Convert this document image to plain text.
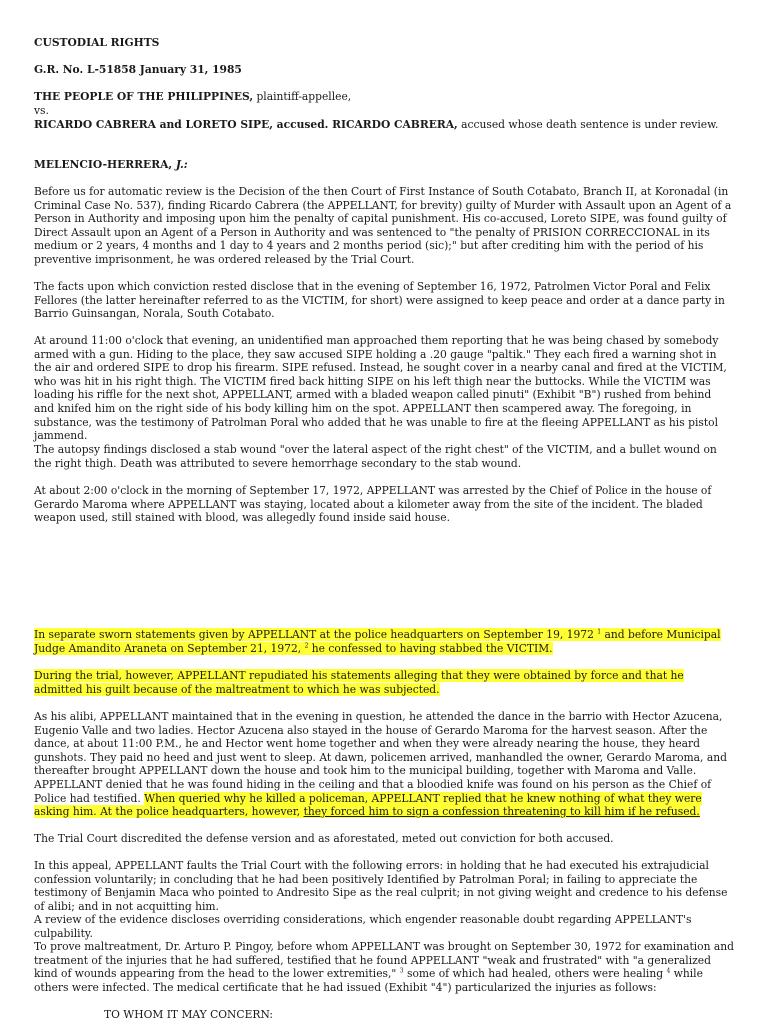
CUSTODIAL RIGHTS

G.R. No. L-51858 January 31, 1985

THE PEOPLE OF THE PHILIPPINES, plaintiff-appellee,

vs.

RICARDO CABRERA and LORETO SIPE, accused. RICARDO CABRERA, accused whose death sentence is under review.

MELENCIO-HERRERA, J.:

Before us for automatic review is the Decision of the then Court of First Instance of South Cotabato, Branch II, at Koronadal (in Criminal Case No. 537), finding Ricardo Cabrera (the APPELLANT, for brevity) guilty of Murder with Assault upon an Agent of a Person in Authority and imposing upon him the penalty of capital punishment. His co-accused, Loreto SIPE, was found guilty of Direct Assault upon an Agent of a Person in Authority and was sentenced to "the penalty of PRISION CORRECCIONAL in its medium or 2 years, 4 months and 1 day to 4 years and 2 months period (sic);" but after crediting him with the period of his preventive imprisonment, he was ordered released by the Trial Court.

The facts upon which conviction rested disclose that in the evening of September 16, 1972, Patrolmen Victor Poral and Felix Fellores (the latter hereinafter referred to as the VICTIM, for short) were assigned to keep peace and order at a dance party in Barrio Guinsangan, Norala, South Cotabato.

At around 11:00 o'clock that evening, an unidentified man approached them reporting that he was being chased by somebody armed with a gun. Hiding to the place, they saw accused SIPE holding a .20 gauge "paltik." They each fired a warning shot in the air and ordered SIPE to drop his firearm. SIPE refused. Instead, he sought cover in a nearby canal and fired at the VICTIM, who was hit in his right thigh. The VICTIM fired back hitting SIPE on his left thigh near the buttocks. While the VICTIM was loading his riffle for the next shot, APPELLANT, armed with a bladed weapon called pinuti" (Exhibit "B") rushed from behind and knifed him on the right side of his body killing him on the spot. APPELLANT then scampered away. The foregoing, in substance, was the testimony of Patrolman Poral who added that he was unable to fire at the fleeing APPELLANT as his pistol jammend.

The autopsy findings disclosed a stab wound "over the lateral aspect of the right chest" of the VICTIM, and a bullet wound on the right thigh. Death was attributed to severe hemorrhage secondary to the stab wound.

At about 2:00 o'clock in the morning of September 17, 1972, APPELLANT was arrested by the Chief of Police in the house of Gerardo Maroma where APPELLANT was staying, located about a kilometer away from the site of the incident. The bladed weapon used, still stained with blood, was allegedly found inside said house.

In separate sworn statements given by APPELLANT at the police headquarters on September 19, 1972 $^1$ and before Municipal Judge Amandito Araneta on September 21, 1972, $^2$ he confessed to having stabbed the VICTIM.

During the trial, however, APPELLANT repudiated his statements alleging that they were obtained by force and that he admitted his guilt because of the maltreatment to which he was subjected.

As his alibi, APPELLANT maintained that in the evening in question, he attended the dance in the barrio with Hector Azucena, Eugenio Valle and two ladies. Hector Azucena also stayed in the house of Gerardo Maroma for the harvest season. After the dance, at about 11:00 P.M., he and Hector went home together and when they were already nearing the house, they heard gunshots. They paid no heed and just went to sleep. At dawn, policemen arrived, manhandled the owner, Gerardo Maroma, and thereafter brought APPELLANT down the house and took him to the municipal building, together with Maroma and Valle. APPELLANT denied that he was found hiding in the ceiling and that a bloodied knife was found on his person as the Chief of Police had testified. When queried why he killed a policeman, APPELLANT replied that he knew nothing of what they were asking him. At the police headquarters, however, they forced him to sign a confession threatening to kill him if he refused.

The Trial Court discredited the defense version and as aforestated, meted out conviction for both accused.

In this appeal, APPELLANT faults the Trial Court with the following errors: in holding that he had executed his extrajudicial confession voluntarily; in concluding that he had been positively Identified by Patrolman Poral; in failing to appreciate the testimony of Benjamin Maca who pointed to Andresito Sipe as the real culprit; in not giving weight and credence to his defense of alibi; and in not acquitting him.

A review of the evidence discloses overriding considerations, which engender reasonable doubt regarding APPELLANT's culpability.

To prove maltreatment, Dr. Arturo P. Pingoy, before whom APPELLANT was brought on September 30, 1972 for examination and treatment of the injuries that he had suffered, testified that he found APPELLANT "weak and frustrated" with "a generalized kind of wounds appearing from the head to the lower extremities," $^3$ some of which had healed, others were healing $^4$ while others were infected. The medical certificate that he had issued (Exhibit "4") particularized the injuries as follows:

TO WHOM IT MAY CONCERN:
